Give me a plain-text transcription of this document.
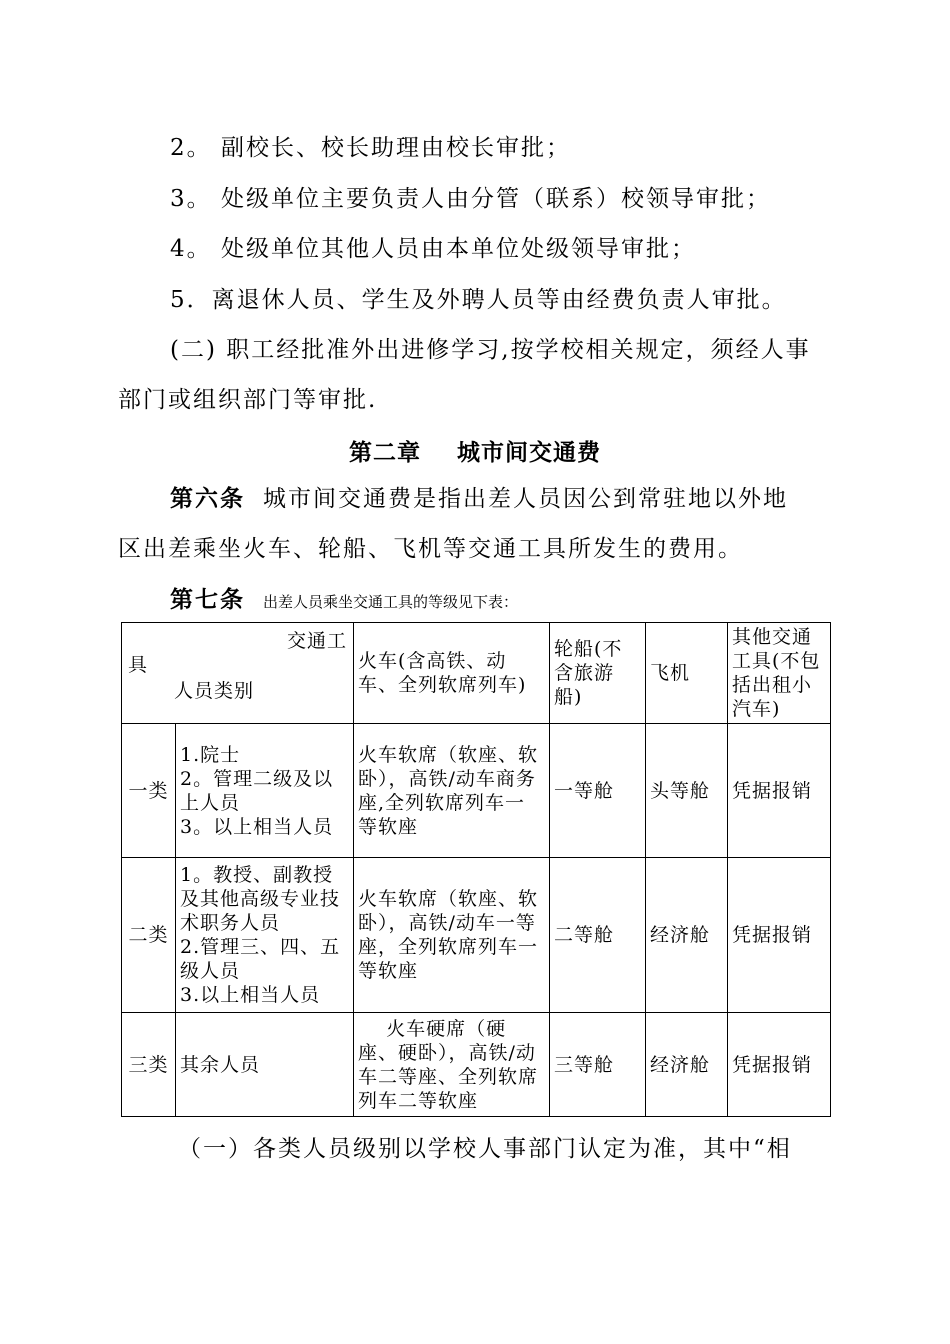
2。 副校长、校长助理由校长审批；
3。 处级单位主要负责人由分管（联系）校领导审批；
4。 处级单位其他人员由本单位处级领导审批；
5．离退休人员、学生及外聘人员等由经费负责人审批。
(二) 职工经批准外出进修学习,按学校相关规定，须经人事
部门或组织部门等审批.
第二章    城市间交通费
第六条 城市间交通费是指出差人员因公到常驻地以外地
区出差乘坐火车、轮船、飞机等交通工具所发生的费用。
第七条 出差人员乘坐交通工具的等级见下表：
交通工
具
人员类别		火车(含高铁、动车、全列软席列车)	轮船(不含旅游船)	飞机	其他交通工具(不包括出租小汽车)
一类	1.院士
2。管理二级及以上人员
3。以上相当人员	火车软席（软座、软卧），高铁/动车商务座,全列软席列车一等软座	一等舱	头等舱	凭据报销
二类	1。教授、副教授及其他高级专业技术职务人员
2.管理三、四、五级人员
3.以上相当人员	火车软席（软座、软卧），高铁/动车一等座，全列软席列车一等软座	二等舱	经济舱	凭据报销
三类	其余人员	火车硬席（硬座、硬卧），高铁/动车二等座、全列软席列车二等软座	三等舱	经济舱	凭据报销
（一）各类人员级别以学校人事部门认定为准，其中“相
